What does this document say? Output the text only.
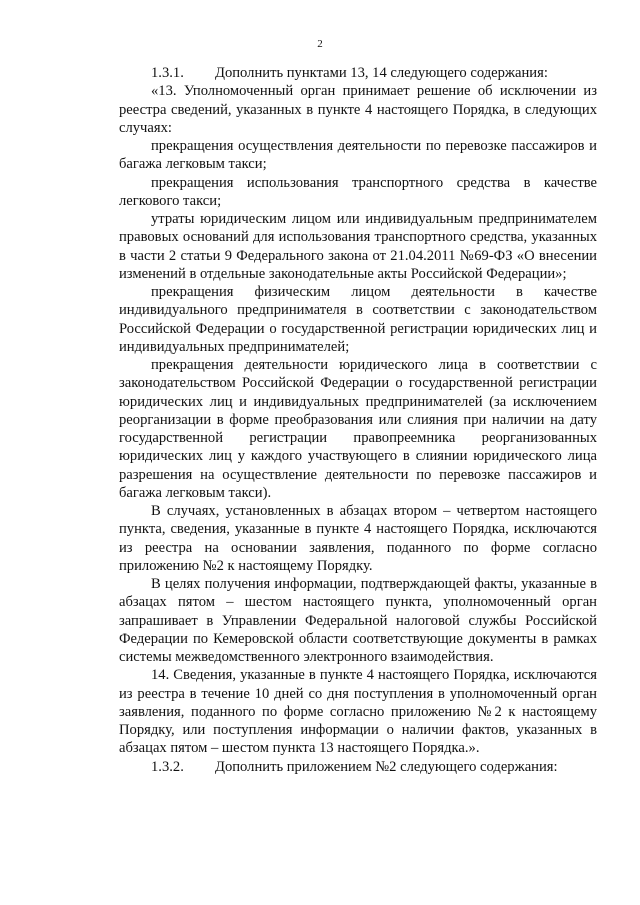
2

1.3.1. Дополнить пунктами 13, 14 следующего содержания:

«13. Уполномоченный орган принимает решение об исключении из реестра сведений, указанных в пункте 4 настоящего Порядка, в следующих случаях:

прекращения осуществления деятельности по перевозке пассажиров и багажа легковым такси;

прекращения использования транспортного средства в качестве легкового такси;

утраты юридическим лицом или индивидуальным предпринимателем правовых оснований для использования транспортного средства, указанных в части 2 статьи 9 Федерального закона от 21.04.2011 №69-ФЗ «О внесении изменений в отдельные законодательные акты Российской Федерации»;

прекращения физическим лицом деятельности в качестве индивидуального предпринимателя в соответствии с законодательством Российской Федерации о государственной регистрации юридических лиц и индивидуальных предпринимателей;

прекращения деятельности юридического лица в соответствии с законодательством Российской Федерации о государственной регистрации юридических лиц и индивидуальных предпринимателей (за исключением реорганизации в форме преобразования или слияния при наличии на дату государственной регистрации правопреемника реорганизованных юридических лиц у каждого участвующего в слиянии юридического лица разрешения на осуществление деятельности по перевозке пассажиров и багажа легковым такси).

В случаях, установленных в абзацах втором – четвертом настоящего пункта, сведения, указанные в пункте 4 настоящего Порядка, исключаются из реестра на основании заявления, поданного по форме согласно приложению №2 к настоящему Порядку.

В целях получения информации, подтверждающей факты, указанные в абзацах пятом – шестом настоящего пункта, уполномоченный орган запрашивает в Управлении Федеральной налоговой службы Российской Федерации по Кемеровской области соответствующие документы в рамках системы межведомственного электронного взаимодействия.

14. Сведения, указанные в пункте 4 настоящего Порядка, исключаются из реестра в течение 10 дней со дня поступления в уполномоченный орган заявления, поданного по форме согласно приложению №2 к настоящему Порядку, или поступления информации о наличии фактов, указанных в абзацах пятом – шестом пункта 13 настоящего Порядка.».

1.3.2. Дополнить приложением №2 следующего содержания:
